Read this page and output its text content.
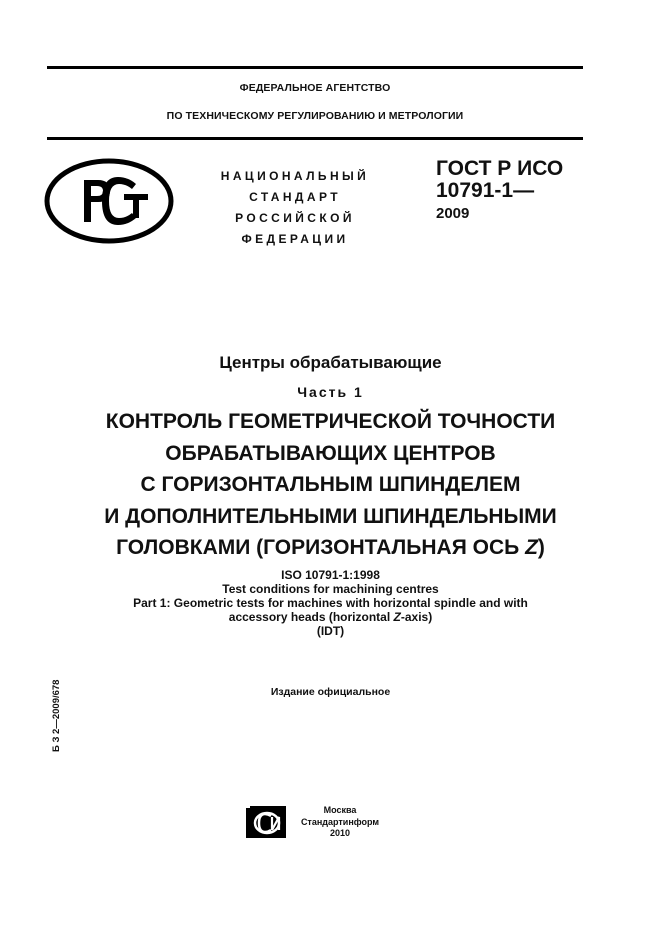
ФЕДЕРАЛЬНОЕ АГЕНТСТВО
ПО ТЕХНИЧЕСКОМУ РЕГУЛИРОВАНИЮ И МЕТРОЛОГИИ
НАЦИОНАЛЬНЫЙ
СТАНДАРТ
РОССИЙСКОЙ
ФЕДЕРАЦИИ
ГОСТ Р ИСО
10791-1—
2009
Центры обрабатывающие
Часть 1
КОНТРОЛЬ ГЕОМЕТРИЧЕСКОЙ ТОЧНОСТИ
ОБРАБАТЫВАЮЩИХ ЦЕНТРОВ
С ГОРИЗОНТАЛЬНЫМ ШПИНДЕЛЕМ
И ДОПОЛНИТЕЛЬНЫМИ ШПИНДЕЛЬНЫМИ
ГОЛОВКАМИ (ГОРИЗОНТАЛЬНАЯ ОСЬ Z)
ISO 10791-1:1998
Test conditions for machining centres
Part 1: Geometric tests for machines with horizontal spindle and with
accessory heads (horizontal Z-axis)
(IDT)
Издание официальное
Б З 2—2009/678
Москва
Стандартинформ
2010
